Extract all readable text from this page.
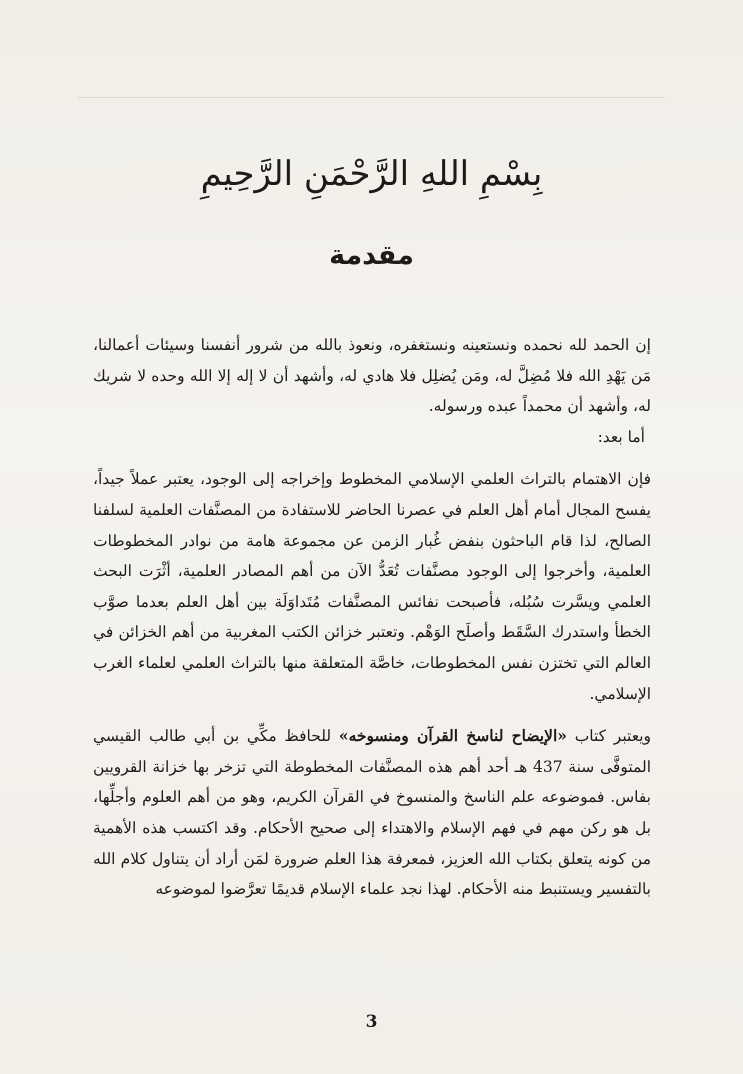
بِسْمِ اللهِ الرَّحْمَنِ الرَّحِيمِ
مقدمة

إن الحمد لله نحمده ونستعينه ونستغفره، ونعوذ بالله من شرور أنفسنا وسيئات أعمالنا، مَن يَهْدِ الله فلا مُضِلَّ له، ومَن يُضلِل فلا هادي له، وأشهد أن لا إله إلا الله وحده لا شريك له، وأشهد أن محمداً عبده ورسوله.

أما بعد:

فإن الاهتمام بالتراث العلمي الإسلامي المخطوط وإخراجه إلى الوجود، يعتبر عملاً جيداً، يفسح المجال أمام أهل العلم في عصرنا الحاضر للاستفادة من المصنَّفات العلمية لسلفنا الصالح، لذا قام الباحثون بنفض غُبار الزمن عن مجموعة هامة من نوادر المخطوطات العلمية، وأخرجوا إلى الوجود مصنَّفات تُعَدُّ الآن من أهم المصادر العلمية، أثْرَت البحث العلمي ويسَّرت سُبُله، فأصبحت نفائس المصنَّفات مُتَداوَلَة بين أهل العلم بعدما صوَّب الخطأ واستدرك السَّقَط وأصلَح الوَهْم. وتعتبر خزائن الكتب المغربية من أهم الخزائن في العالم التي تختزن نفس المخطوطات، خاصَّة المتعلقة منها بالتراث العلمي لعلماء الغرب الإسلامي.

ويعتبر كتاب «الإيضاح لناسخ القرآن ومنسوخه» للحافظ مكِّي بن أبي طالب القيسي المتوفَّى سنة 437 هـ أحد أهم هذه المصنَّفات المخطوطة التي تزخر بها خزانة القرويين بفاس. فموضوعه علم الناسخ والمنسوخ في القرآن الكريم، وهو من أهم العلوم وأجلِّها، بل هو ركن مهم في فهم الإسلام والاهتداء إلى صحيح الأحكام. وقد اكتسب هذه الأهمية من كونه يتعلق بكتاب الله العزيز، فمعرفة هذا العلم ضرورة لمَن أراد أن يتناول كلام الله بالتفسير ويستنبط منه الأحكام. لهذا نجد علماء الإسلام قديمًا تعرَّضوا لموضوعه

3
